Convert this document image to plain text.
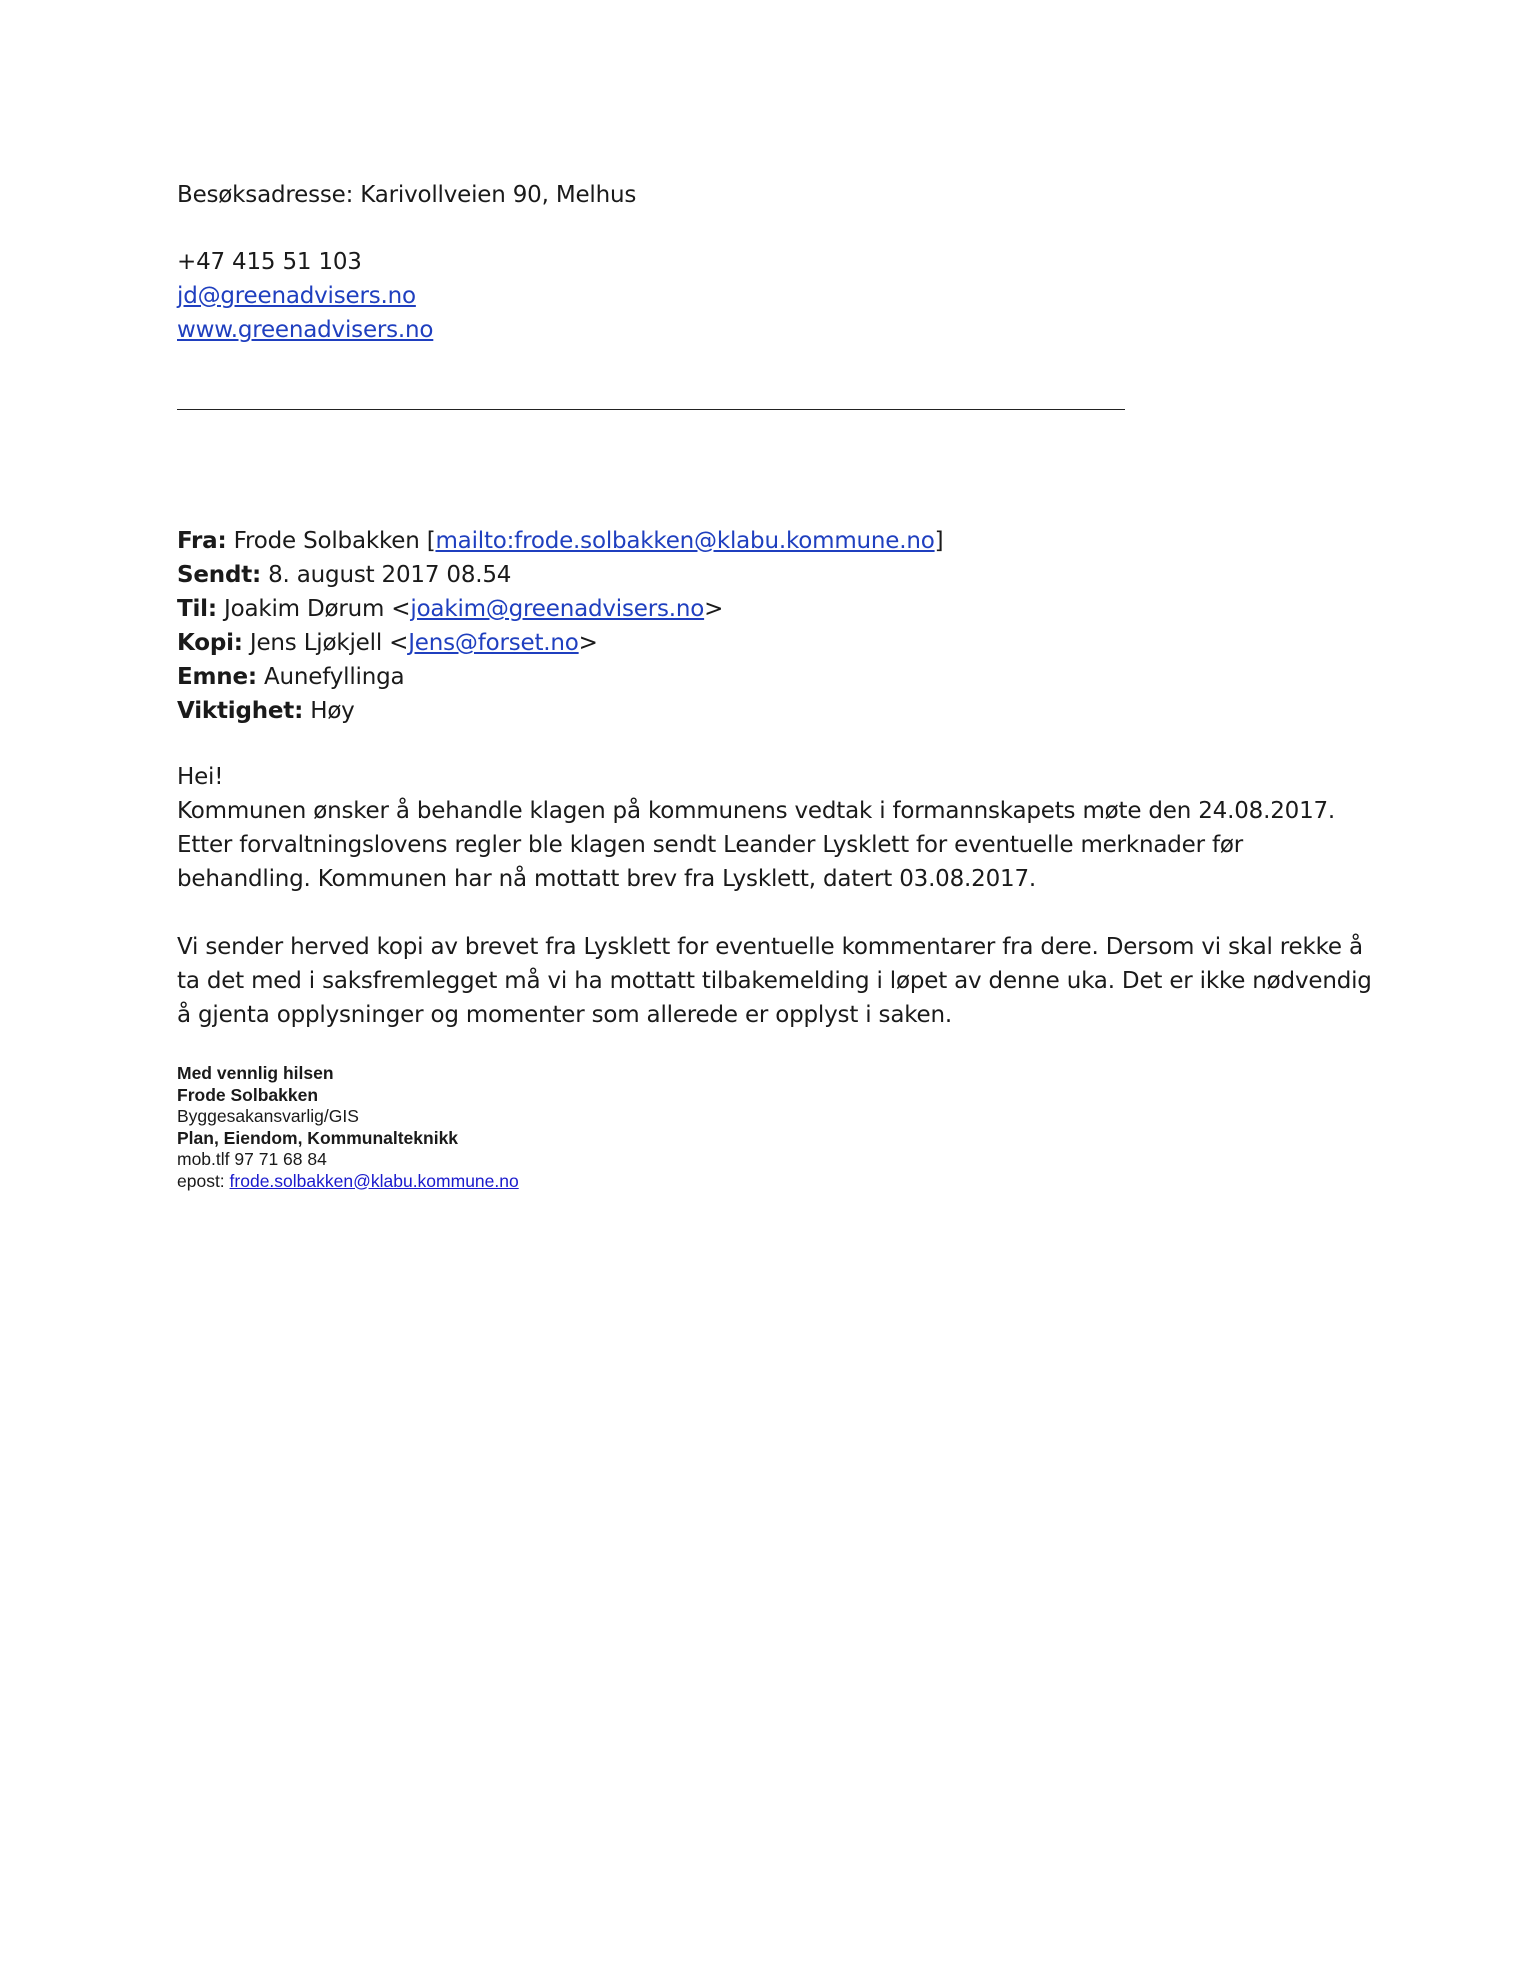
Besøksadresse: Karivollveien 90, Melhus
+47 415 51 103
jd@greenadvisers.no
www.greenadvisers.no
Fra: Frode Solbakken [mailto:frode.solbakken@klabu.kommune.no]
Sendt: 8. august 2017 08.54
Til: Joakim Dørum <joakim@greenadvisers.no>
Kopi: Jens Ljøkjell <Jens@forset.no>
Emne: Aunefyllinga
Viktighet: Høy

Hei!

Kommunen ønsker å behandle klagen på kommunens vedtak i formannskapets møte den 24.08.2017.
Etter forvaltningslovens regler ble klagen sendt Leander Lysklett for eventuelle merknader før
behandling. Kommunen har nå mottatt brev fra Lysklett, datert 03.08.2017.

Vi sender herved kopi av brevet fra Lysklett for eventuelle kommentarer fra dere. Dersom vi skal rekke å
ta det med i saksfremlegget må vi ha mottatt tilbakemelding i løpet av denne uka. Det er ikke nødvendig
å gjenta opplysninger og momenter som allerede er opplyst i saken.

Med vennlig hilsen
Frode Solbakken
Byggesakansvarlig/GIS
Plan, Eiendom, Kommunalteknikk
mob.tlf 97 71 68 84
epost: frode.solbakken@klabu.kommune.no
